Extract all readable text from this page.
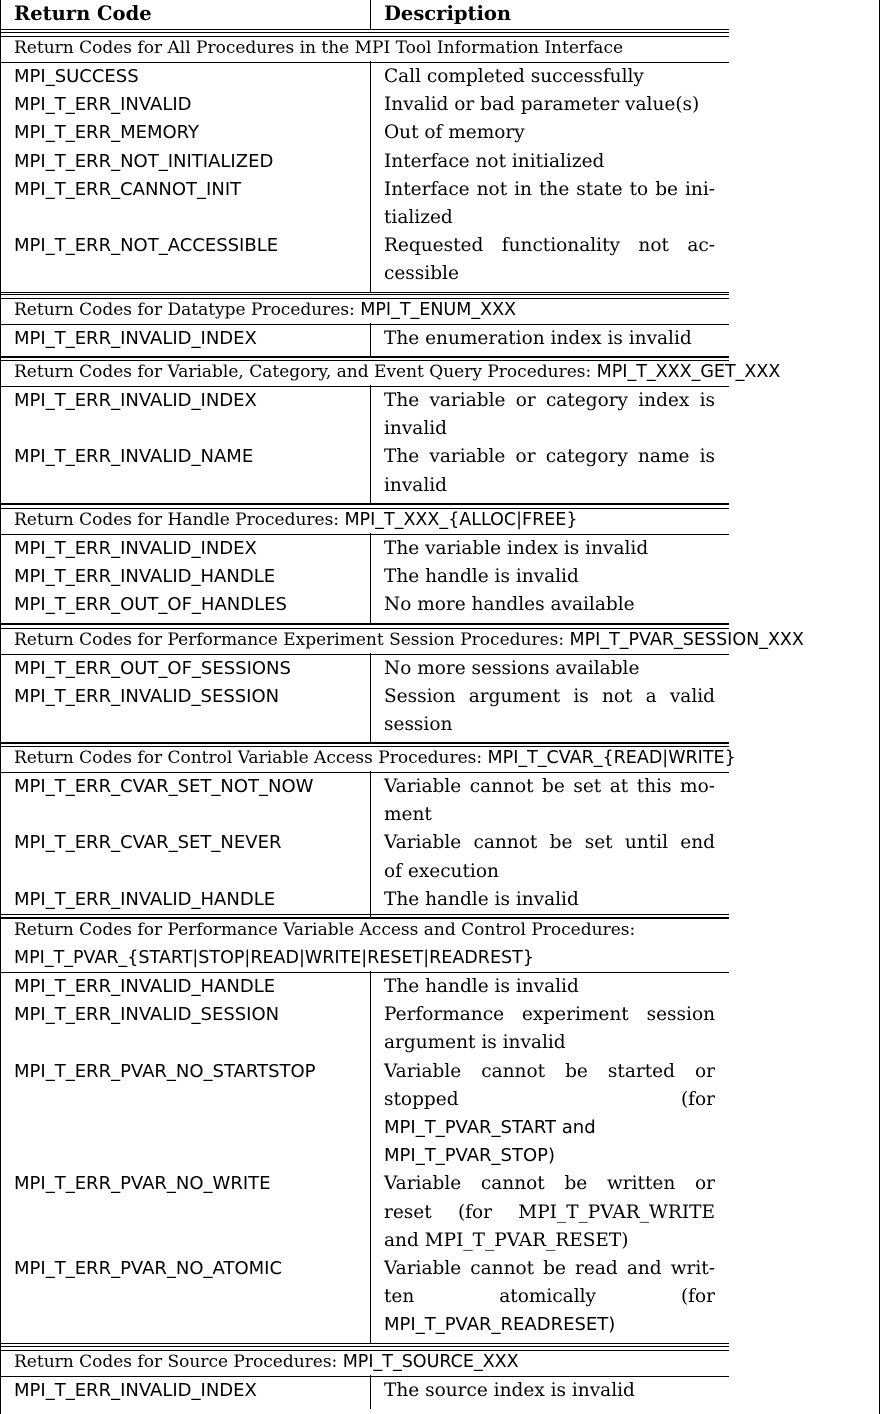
Return Code	Description
Return Codes for All Procedures in the MPI Tool Information Interface
MPI_SUCCESS	Call completed successfully
MPI_T_ERR_INVALID	Invalid or bad parameter value(s)
MPI_T_ERR_MEMORY	Out of memory
MPI_T_ERR_NOT_INITIALIZED	Interface not initialized
MPI_T_ERR_CANNOT_INIT	Interface not in the state to be ini-
tialized
MPI_T_ERR_NOT_ACCESSIBLE	Requested functionality not ac-
cessible
Return Codes for Datatype Procedures: MPI_T_ENUM_XXX
MPI_T_ERR_INVALID_INDEX	The enumeration index is invalid
Return Codes for Variable, Category, and Event Query Procedures: MPI_T_XXX_GET_XXX
MPI_T_ERR_INVALID_INDEX	The variable or category index is
invalid
MPI_T_ERR_INVALID_NAME	The variable or category name is
invalid
Return Codes for Handle Procedures: MPI_T_XXX_{ALLOC|FREE}
MPI_T_ERR_INVALID_INDEX	The variable index is invalid
MPI_T_ERR_INVALID_HANDLE	The handle is invalid
MPI_T_ERR_OUT_OF_HANDLES	No more handles available
Return Codes for Performance Experiment Session Procedures: MPI_T_PVAR_SESSION_XXX
MPI_T_ERR_OUT_OF_SESSIONS	No more sessions available
MPI_T_ERR_INVALID_SESSION	Session argument is not a valid
session
Return Codes for Control Variable Access Procedures: MPI_T_CVAR_{READ|WRITE}
MPI_T_ERR_CVAR_SET_NOT_NOW	Variable cannot be set at this mo-
ment
MPI_T_ERR_CVAR_SET_NEVER	Variable cannot be set until end
of execution
MPI_T_ERR_INVALID_HANDLE	The handle is invalid
Return Codes for Performance Variable Access and Control Procedures:
MPI_T_PVAR_{START|STOP|READ|WRITE|RESET|READREST}
MPI_T_ERR_INVALID_HANDLE	The handle is invalid
MPI_T_ERR_INVALID_SESSION	Performance experiment session
argument is invalid
MPI_T_ERR_PVAR_NO_STARTSTOP	Variable cannot be started or
stopped (for
MPI_T_PVAR_START and
MPI_T_PVAR_STOP)
MPI_T_ERR_PVAR_NO_WRITE	Variable cannot be written or
reset (for MPI_T_PVAR_WRITE
and MPI_T_PVAR_RESET)
MPI_T_ERR_PVAR_NO_ATOMIC	Variable cannot be read and writ-
ten atomically (for
MPI_T_PVAR_READRESET)
Return Codes for Source Procedures: MPI_T_SOURCE_XXX
MPI_T_ERR_INVALID_INDEX	The source index is invalid
